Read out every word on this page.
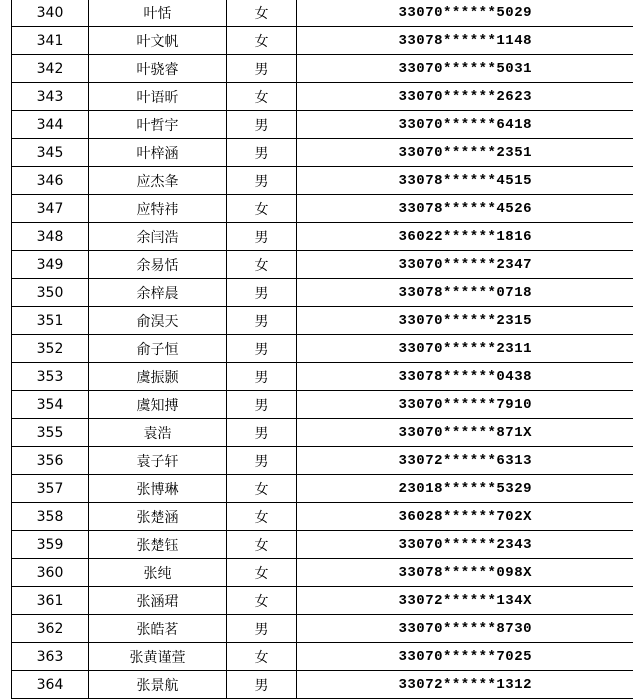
340	叶恬	女	33070******5029
341	叶文帆	女	33078******1148
342	叶骁睿	男	33070******5031
343	叶语昕	女	33070******2623
344	叶哲宇	男	33070******6418
345	叶梓涵	男	33070******2351
346	应杰夆	男	33078******4515
347	应特祎	女	33078******4526
348	余闫浩	男	36022******1816
349	余易恬	女	33070******2347
350	余梓晨	男	33078******0718
351	俞淏天	男	33070******2315
352	俞子恒	男	33070******2311
353	虞振颢	男	33078******0438
354	虞知搏	男	33070******7910
355	袁浩	男	33070******871X
356	袁子轩	男	33072******6313
357	张博琳	女	23018******5329
358	张楚涵	女	36028******702X
359	张楚钰	女	33070******2343
360	张纯	女	33078******098X
361	张涵珺	女	33072******134X
362	张皓茗	男	33070******8730
363	张黄谨萱	女	33070******7025
364	张景航	男	33072******1312
